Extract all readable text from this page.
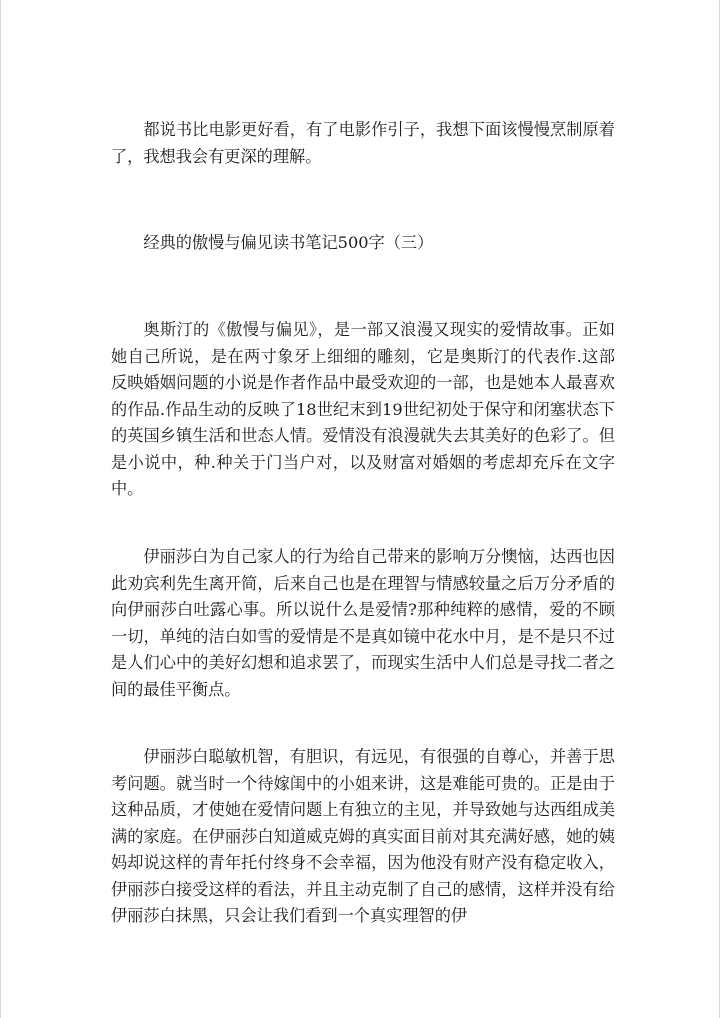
都说书比电影更好看，有了电影作引子，我想下面该慢慢烹制原着了，我想我会有更深的理解。

经典的傲慢与偏见读书笔记500字（三）

奥斯汀的《傲慢与偏见》，是一部又浪漫又现实的爱情故事。正如她自己所说，是在两寸象牙上细细的雕刻，它是奥斯汀的代表作.这部反映婚姻问题的小说是作者作品中最受欢迎的一部，也是她本人最喜欢的作品.作品生动的反映了18世纪末到19世纪初处于保守和闭塞状态下的英国乡镇生活和世态人情。爱情没有浪漫就失去其美好的色彩了。但是小说中，种.种关于门当户对，以及财富对婚姻的考虑却充斥在文字中。

伊丽莎白为自己家人的行为给自己带来的影响万分懊恼，达西也因此劝宾利先生离开简，后来自己也是在理智与情感较量之后万分矛盾的向伊丽莎白吐露心事。所以说什么是爱情?那种纯粹的感情，爱的不顾一切，单纯的洁白如雪的爱情是不是真如镜中花水中月，是不是只不过是人们心中的美好幻想和追求罢了，而现实生活中人们总是寻找二者之间的最佳平衡点。

伊丽莎白聪敏机智，有胆识，有远见，有很强的自尊心，并善于思考问题。就当时一个待嫁闺中的小姐来讲，这是难能可贵的。正是由于这种品质，才使她在爱情问题上有独立的主见，并导致她与达西组成美满的家庭。在伊丽莎白知道威克姆的真实面目前对其充满好感，她的姨妈却说这样的青年托付终身不会幸福，因为他没有财产没有稳定收入，伊丽莎白接受这样的看法，并且主动克制了自己的感情，这样并没有给伊丽莎白抹黑，只会让我们看到一个真实理智的伊
